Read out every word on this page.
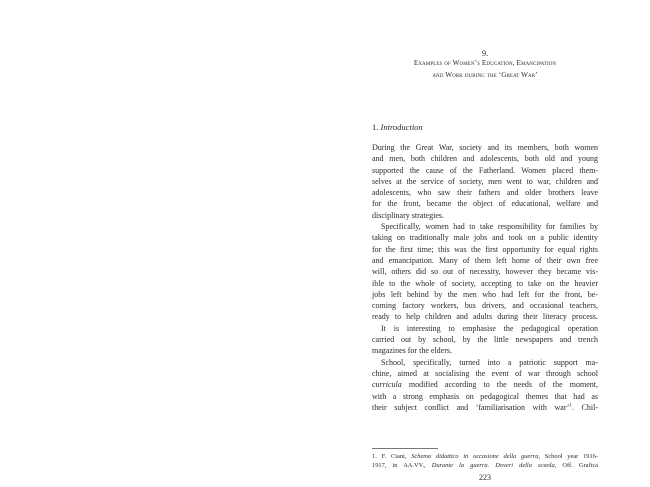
9.
Examples of Women’s Education, Emancipation
and Work during the ‘Great War’
1. Introduction
During the Great War, society and its members, both women
and men, both children and adolescents, both old and young
supported the cause of the Fatherland. Women placed them-
selves at the service of society, men went to war, children and
adolescents, who saw their fathers and older brothers leave
for the front, became the object of educational, welfare and
disciplinary strategies.
Specifically, women had to take responsibility for families by
taking on traditionally male jobs and took on a public identity
for the first time; this was the first opportunity for equal rights
and emancipation. Many of them left home of their own free
will, others did so out of necessity, however they became vis-
ible to the whole of society, accepting to take on the heavier
jobs left behind by the men who had left for the front, be-
coming factory workers, bus drivers, and occasional teachers,
ready to help children and adults during their literacy process.
It is interesting to emphasise the pedagogical operation
carried out by school, by the little newspapers and trench
magazines for the elders.
School, specifically, turned into a patriotic support ma-
chine, aimed at socialising the event of war through school
curricula modified according to the needs of the moment,
with a strong emphasis on pedagogical themes that had as
their subject conflict and ‘familiarisation with war’$^1$. Chil-
1. F. Ciani, Schema didattico in occasione della guerra, School year 1916-
1917, in AA.VV., Durante la guerra. Doveri della scuola, Off. Grafica
223
